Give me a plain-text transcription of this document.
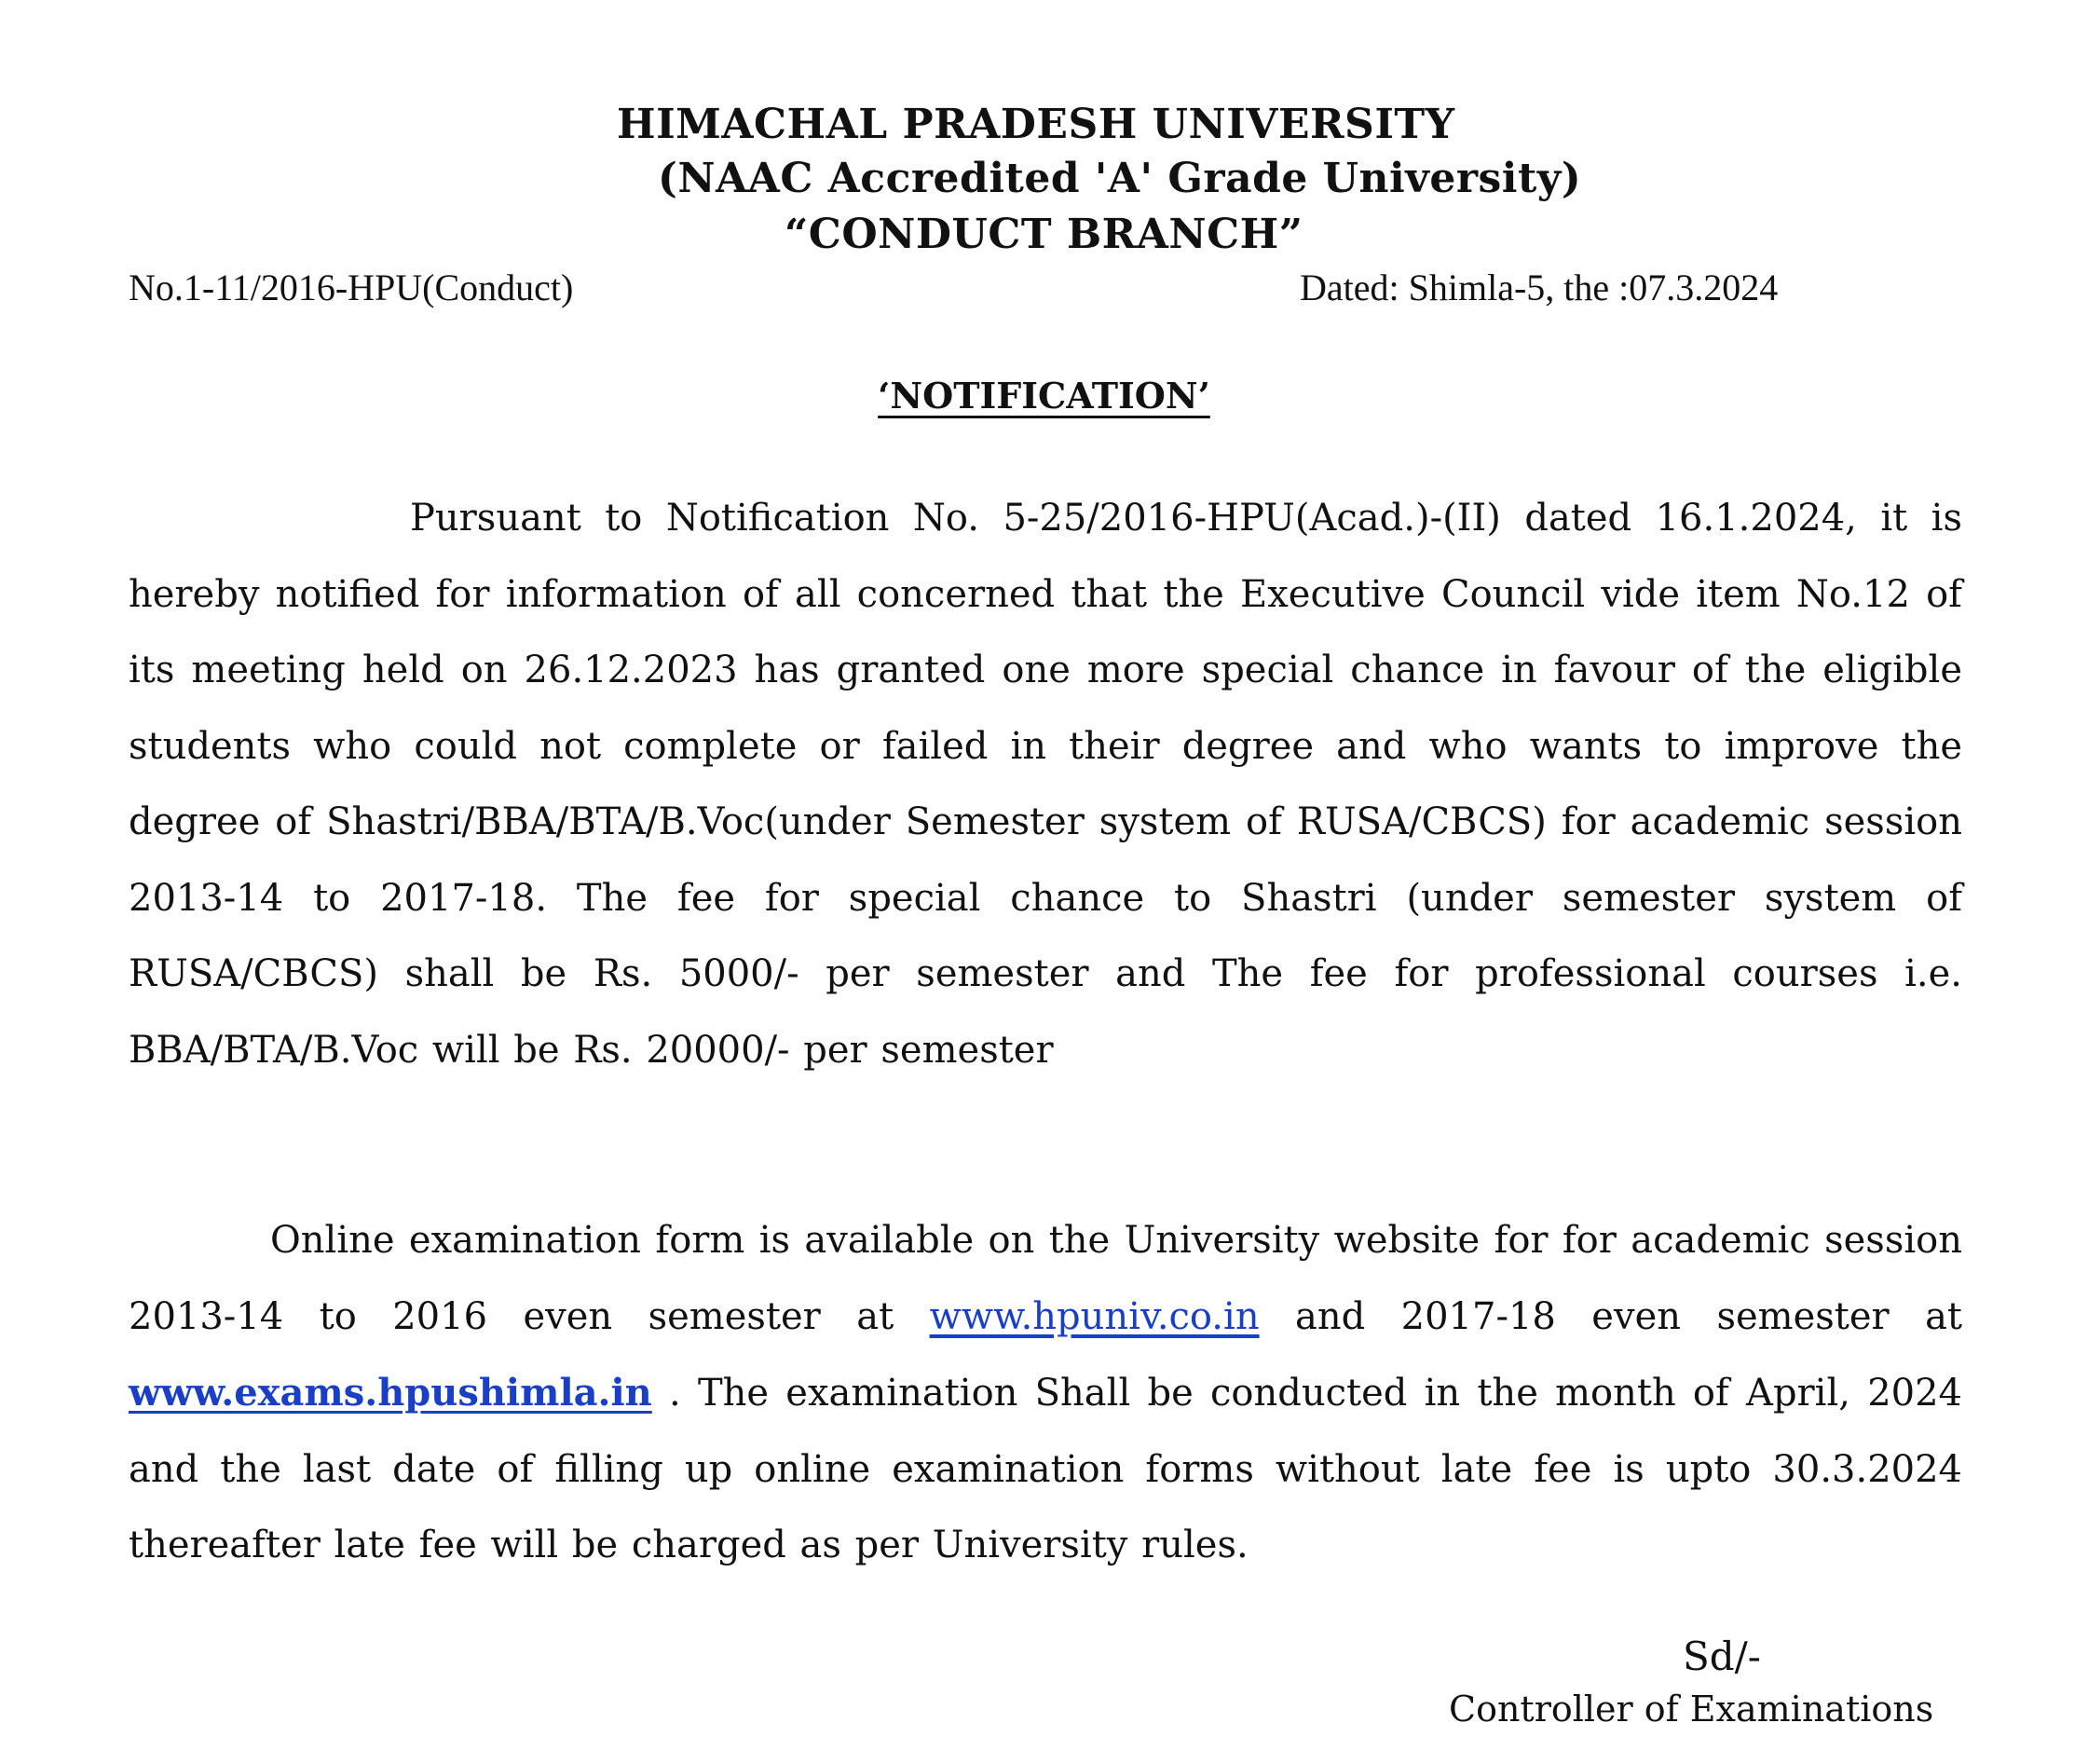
HIMACHAL PRADESH UNIVERSITY
(NAAC Accredited 'A' Grade University)
“CONDUCT BRANCH”
No.1-11/2016-HPU(Conduct)	Dated: Shimla-5, the :07.3.2024
‘NOTIFICATION’
Pursuant to Notification No. 5-25/2016-HPU(Acad.)-(II) dated 16.1.2024, it is hereby notified for information of all concerned that the Executive Council vide item No.12 of its meeting held on 26.12.2023 has granted one more special chance in favour of the eligible students who could not complete or failed in their degree and who wants to improve the degree of Shastri/BBA/BTA/B.Voc(under Semester system of RUSA/CBCS) for academic session 2013-14 to 2017-18. The fee for special chance to Shastri (under semester system of RUSA/CBCS) shall be Rs. 5000/- per semester and The fee for professional courses i.e. BBA/BTA/B.Voc will be Rs. 20000/- per semester
Online examination form is available on the University website for for academic session 2013-14 to 2016 even semester at www.hpuniv.co.in and 2017-18 even semester at www.exams.hpushimla.in . The examination Shall be conducted in the month of April, 2024 and the last date of filling up online examination forms without late fee is upto 30.3.2024 thereafter late fee will be charged as per University rules.
Sd/-
Controller of Examinations
